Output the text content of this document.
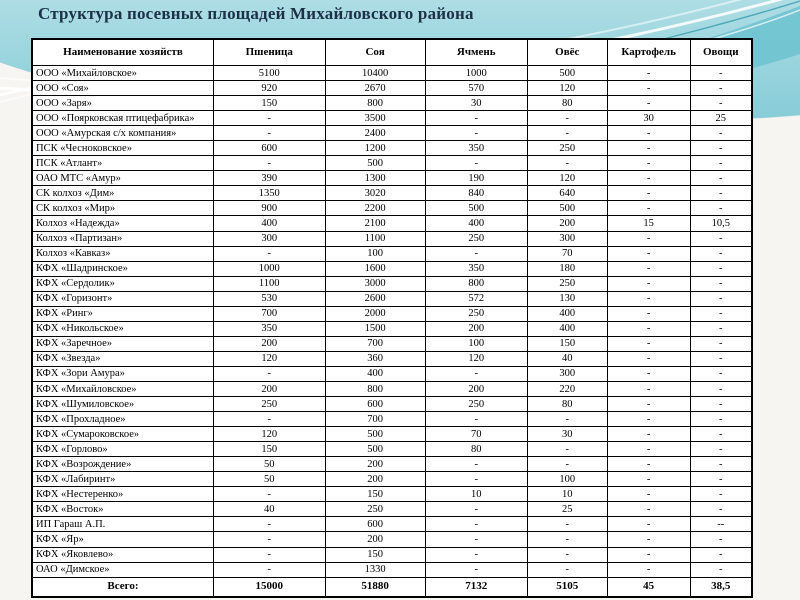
Структура посевных площадей Михайловского района
Наименование хозяйств	Пшеница	Соя	Ячмень	Овёс	Картофель	Овощи
ООО «Михайловское»	5100	10400	1000	500	-	-
ООО «Соя»	920	2670	570	120	-	-
ООО «Заря»	150	800	30	80	-	-
ООО «Поярковская птицефабрика»	-	3500	-	-	30	25
ООО «Амурская с/х компания»	-	2400	-	-	-	-
ПСК «Чесноковское»	600	1200	350	250	-	-
ПСК «Атлант»	-	500	-	-	-	-
ОАО МТС «Амур»	390	1300	190	120	-	-
СК колхоз «Дим»	1350	3020	840	640	-	-
СК колхоз «Мир»	900	2200	500	500	-	-
Колхоз «Надежда»	400	2100	400	200	15	10,5
Колхоз «Партизан»	300	1100	250	300	-	-
Колхоз «Кавказ»	-	100	-	70	-	-
КФХ «Шадринское»	1000	1600	350	180	-	-
КФХ «Сердолик»	1100	3000	800	250	-	-
КФХ «Горизонт»	530	2600	572	130	-	-
КФХ «Ринг»	700	2000	250	400	-	-
КФХ «Никольское»	350	1500	200	400	-	-
КФХ «Заречное»	200	700	100	150	-	-
КФХ «Звезда»	120	360	120	40	-	-
КФХ «Зори Амура»	-	400	-	300	-	-
КФХ «Михайловское»	200	800	200	220	-	-
КФХ «Шумиловское»	250	600	250	80	-	-
КФХ «Прохладное»	-	700	-	-	-	-
КФХ «Сумароковское»	120	500	70	30	-	-
КФХ «Горлово»	150	500	80	-	-	-
КФХ «Возрождение»	50	200	-	-	-	-
КФХ «Лабиринт»	50	200	-	100	-	-
КФХ «Нестеренко»	-	150	10	10	-	-
КФХ «Восток»	40	250	-	25	-	-
ИП Гараш А.П.	-	600	-	-	-	--
КФХ «Яр»	-	200	-	-	-	-
КФХ «Яковлево»	-	150	-	-	-	-
ОАО «Димское»	-	1330	-	-	-	-
Всего:	15000	51880	7132	5105	45	38,5
